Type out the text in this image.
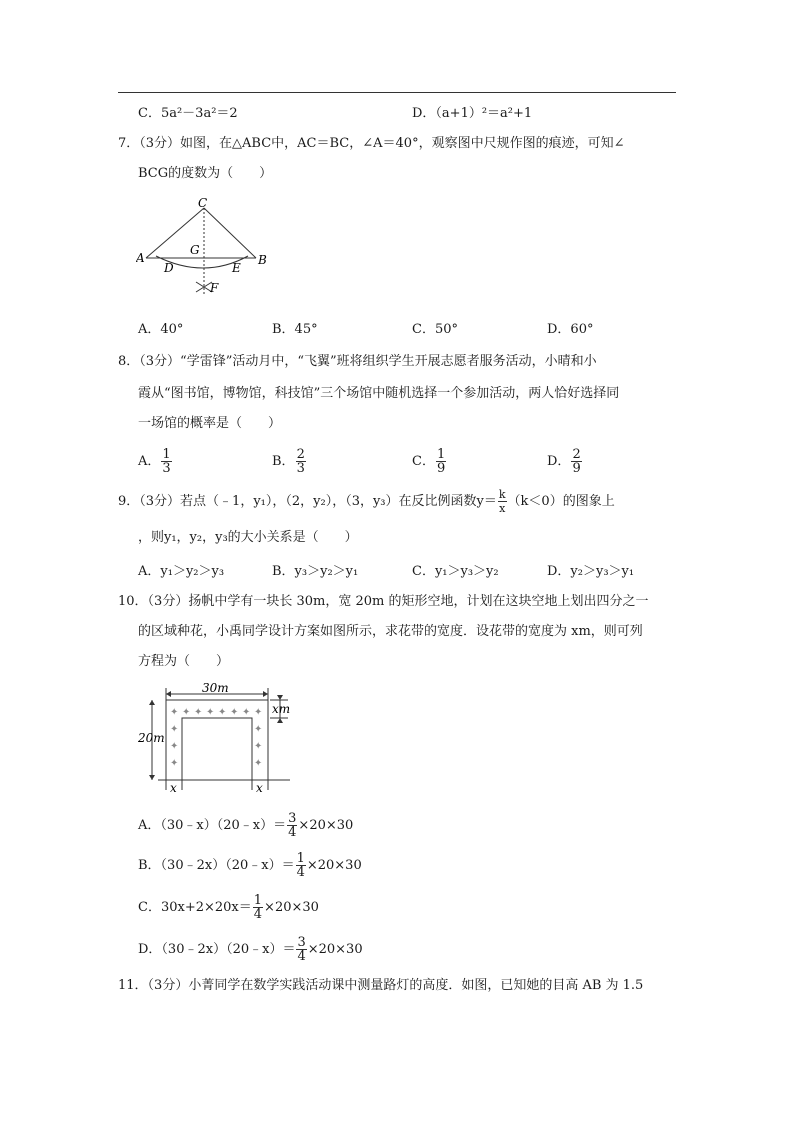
C．5a²－3a²＝2	D．（a+1）²＝a²+1
7．（3分）如图，在△ABC中，AC＝BC，∠A＝40°，观察图中尺规作图的痕迹，可知∠
BCG的度数为（　　）
C
A	B
G
D	E
F
A．40°	B．45°	C．50°	D．60°
8．（3分）“学雷锋”活动月中，“飞翼”班将组织学生开展志愿者服务活动，小晴和小
霞从“图书馆，博物馆，科技馆”三个场馆中随机选择一个参加活动，两人恰好选择同
一场馆的概率是（　　）
A． $\frac{1}{3}$	B． $\frac{2}{3}$	C． $\frac{1}{9}$	D． $\frac{2}{9}$
9．（3分）若点（﹣1，y₁），（2，y₂），（3，y₃）在反比例函数$y= \frac{k}{x} (k<0)$的图象上
，则y₁，y₂，y₃的大小关系是（　　）
A．y₁＞y₂＞y₃	B．y₃＞y₂＞y₁	C．y₁＞y₃＞y₂	D．y₂＞y₃＞y₁
10．（3分）扬帆中学有一块长 30m，宽 20m 的矩形空地，计划在这块空地上划出四分之一
的区域种花，小禹同学设计方案如图所示，求花带的宽度．设花带的宽度为 xm，则可列
方程为（　　）
30m
20m
✦ ✦ ✦ ✦ ✦ ✦ ✦ ✦
✦
✦
✦
✦
✦
✦
xm
x	x
A．（30﹣x）（20﹣x）＝ $\frac{3}{4} \times 20\times 30$
B．（30﹣2x）（20﹣x）＝ $\frac{1}{4} \times 20\times 30$
C．$30x+2\times 20x= \frac{1}{4} \times 20\times 30$
D．（30﹣2x）（20﹣x）＝ $\frac{3}{4} \times 20\times 30$
11．（3分）小菁同学在数学实践活动课中测量路灯的高度．如图，已知她的目高 AB 为 1.5
